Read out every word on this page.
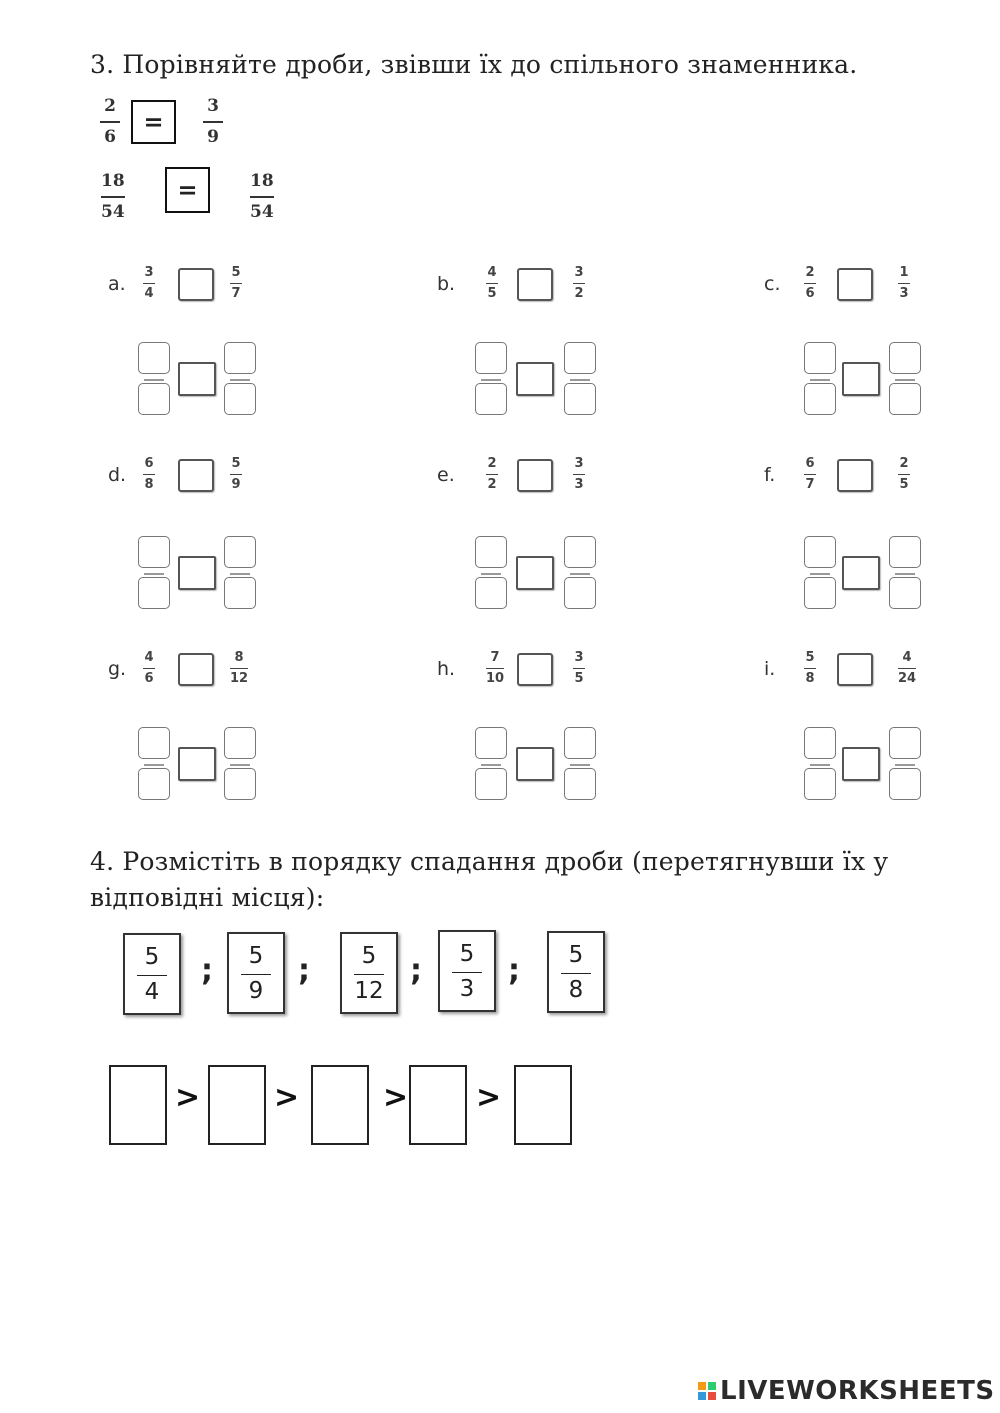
3. Порівняйте дроби, звівши їх до спільного знаменника.
2
6
=
3
9
18
54
=	18
54
a.
3
4
5
7	b.
4
5
3
2	c.
2
6
1
3
d.
6
8
5
9	e.
2
2
3
3	f.
6
7
2
5
g.
4
6
8
12	h.
7
10
3
5	i.
5
8
4
24
4. Розмістіть в порядку спадання дроби (перетягнувши їх у
відповідні місця):
5
4
; 5
9
; 5
12
; 5
3
; 5
8
> >	> >
LIVEWORKSHEETS
